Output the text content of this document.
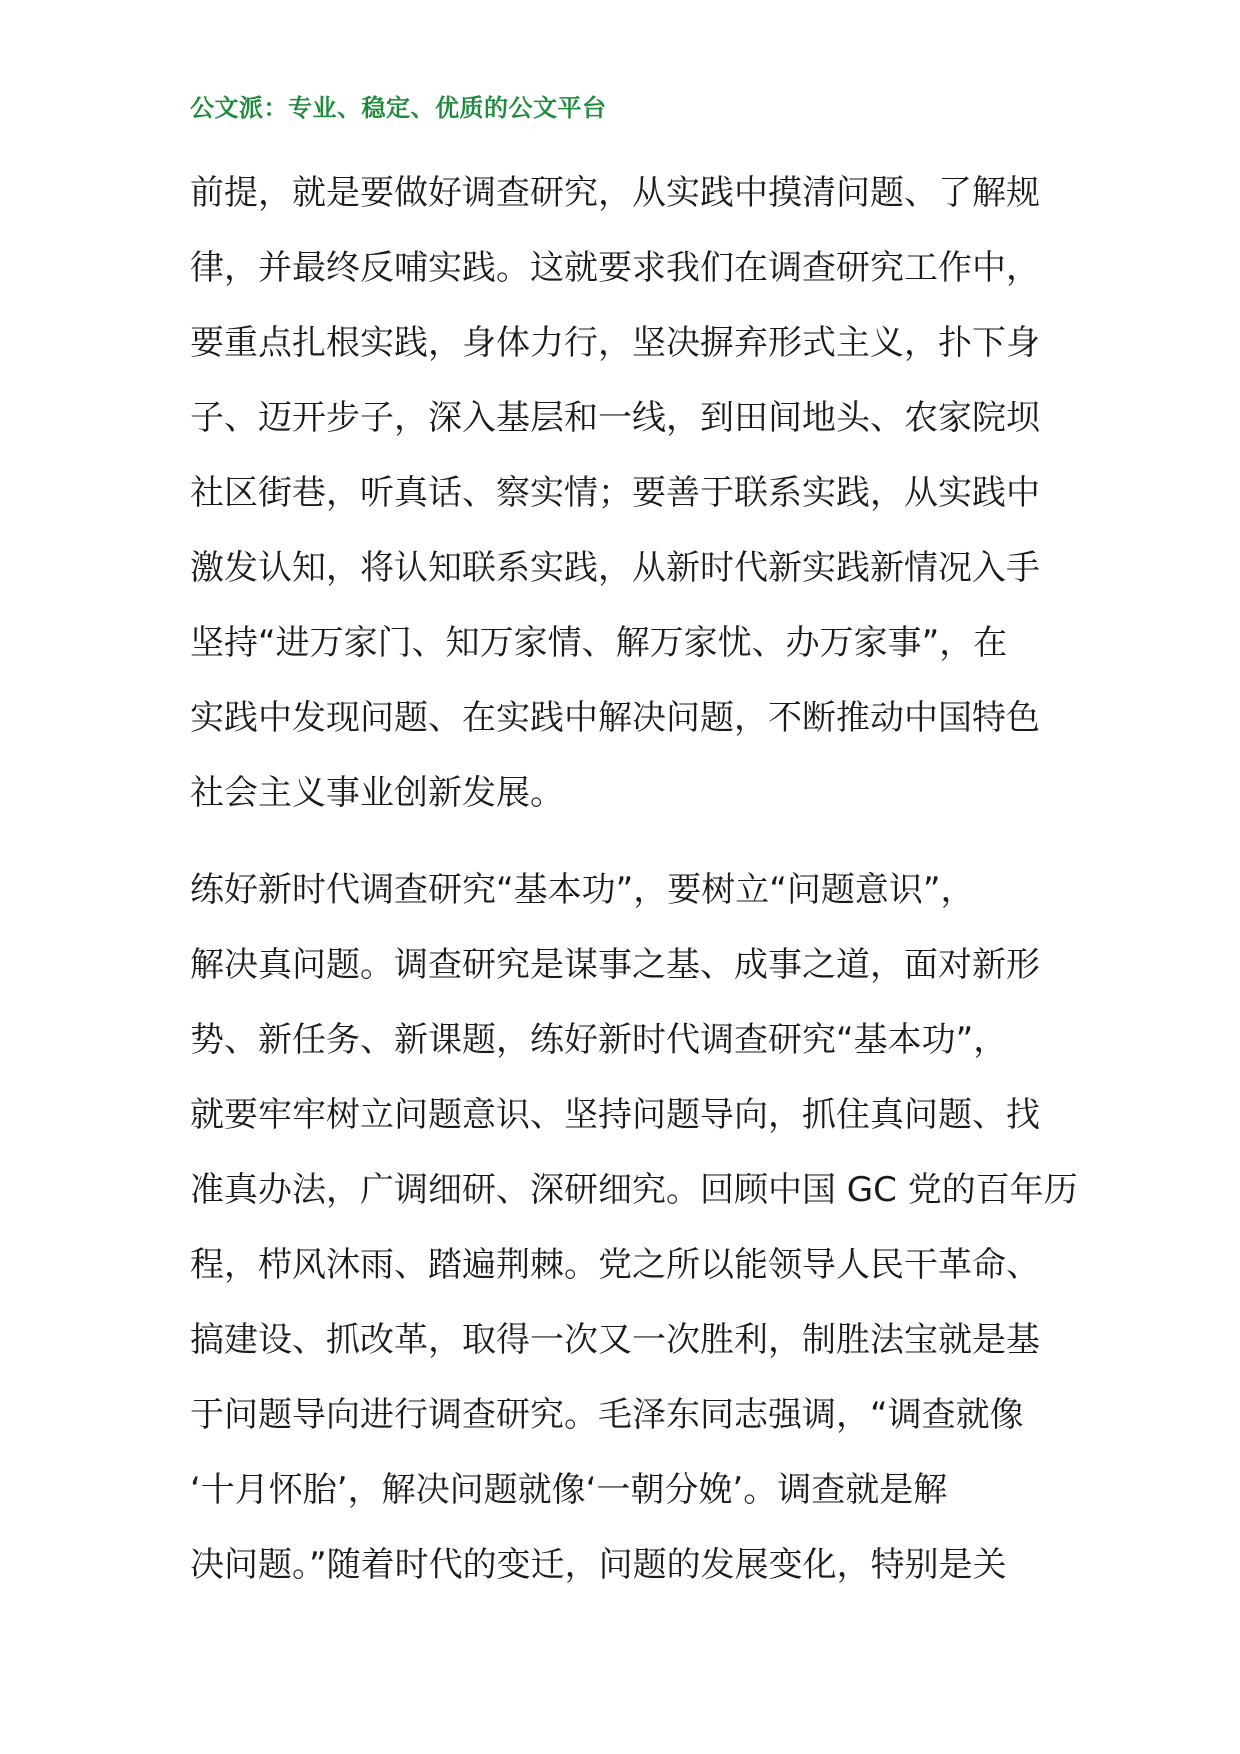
公文派：专业、稳定、优质的公文平台

前提，就是要做好调查研究，从实践中摸清问题、了解规
律，并最终反哺实践。这就要求我们在调查研究工作中，
要重点扎根实践，身体力行，坚决摒弃形式主义，扑下身
子、迈开步子，深入基层和一线，到田间地头、农家院坝
社区街巷，听真话、察实情；要善于联系实践，从实践中
激发认知，将认知联系实践，从新时代新实践新情况入手
坚持“进万家门、知万家情、解万家忧、办万家事”，在
实践中发现问题、在实践中解决问题，不断推动中国特色
社会主义事业创新发展。

练好新时代调查研究“基本功”，要树立“问题意识”，
解决真问题。调查研究是谋事之基、成事之道，面对新形
势、新任务、新课题，练好新时代调查研究“基本功”，
就要牢牢树立问题意识、坚持问题导向，抓住真问题、找
准真办法，广调细研、深研细究。回顾中国 GC 党的百年历
程，栉风沐雨、踏遍荆棘。党之所以能领导人民干革命、
搞建设、抓改革，取得一次又一次胜利，制胜法宝就是基
于问题导向进行调查研究。毛泽东同志强调，“调查就像
‘十月怀胎’，解决问题就像‘一朝分娩’。调查就是解
决问题。”随着时代的变迁，问题的发展变化，特别是关
